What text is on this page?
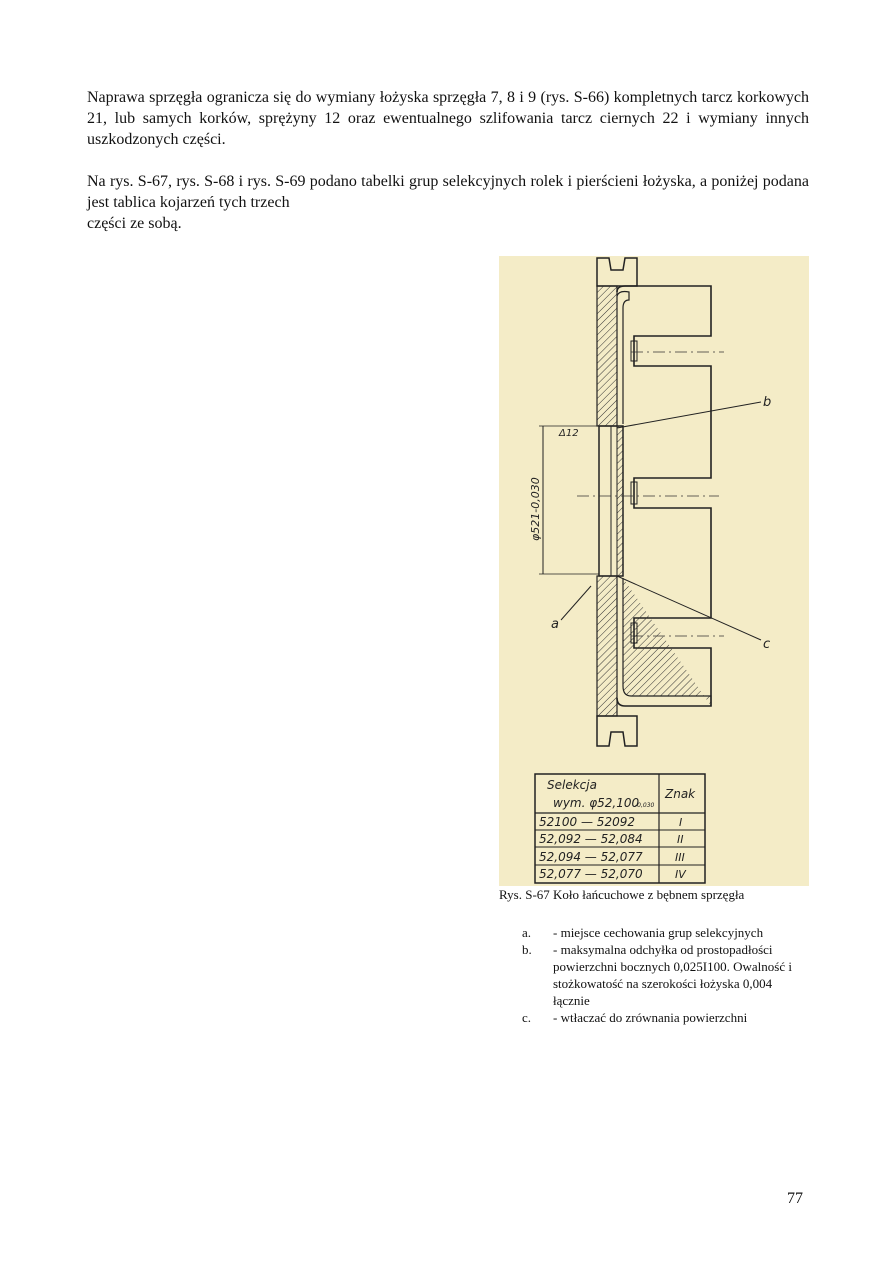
Naprawa sprzęgła ogranicza się do wymiany łożyska sprzęgła 7, 8 i 9 (rys. S-66) kompletnych tarcz korkowych 21, lub samych korków, sprężyny 12 oraz ewentualnego szlifowania tarcz ciernych 22 i wymiany innych uszkodzonych części.

Na rys. S-67, rys. S-68 i rys. S-69 podano tabelki grup selekcyjnych rolek i pierścieni łożyska, a poniżej podana jest tablica kojarzeń tych trzech
części ze sobą.
Δ12
φ521-0,030
b
c
a
Selekcja
wym. φ52,100
-0,030
Znak
52100 — 52092	I
52,092 — 52,084	II
52,094 — 52,077	III
52,077 — 52,070	IV
Rys. S-67 Koło łańcuchowe z bębnem sprzęgła
a.	- miejsce cechowania grup selekcyjnych
b.	- maksymalna odchyłka od prostopadłości powierzchni bocznych 0,025I100. Owalność i stożkowatość na szerokości łożyska 0,004 łącznie
c.	- wtłaczać do zrównania powierzchni
77
